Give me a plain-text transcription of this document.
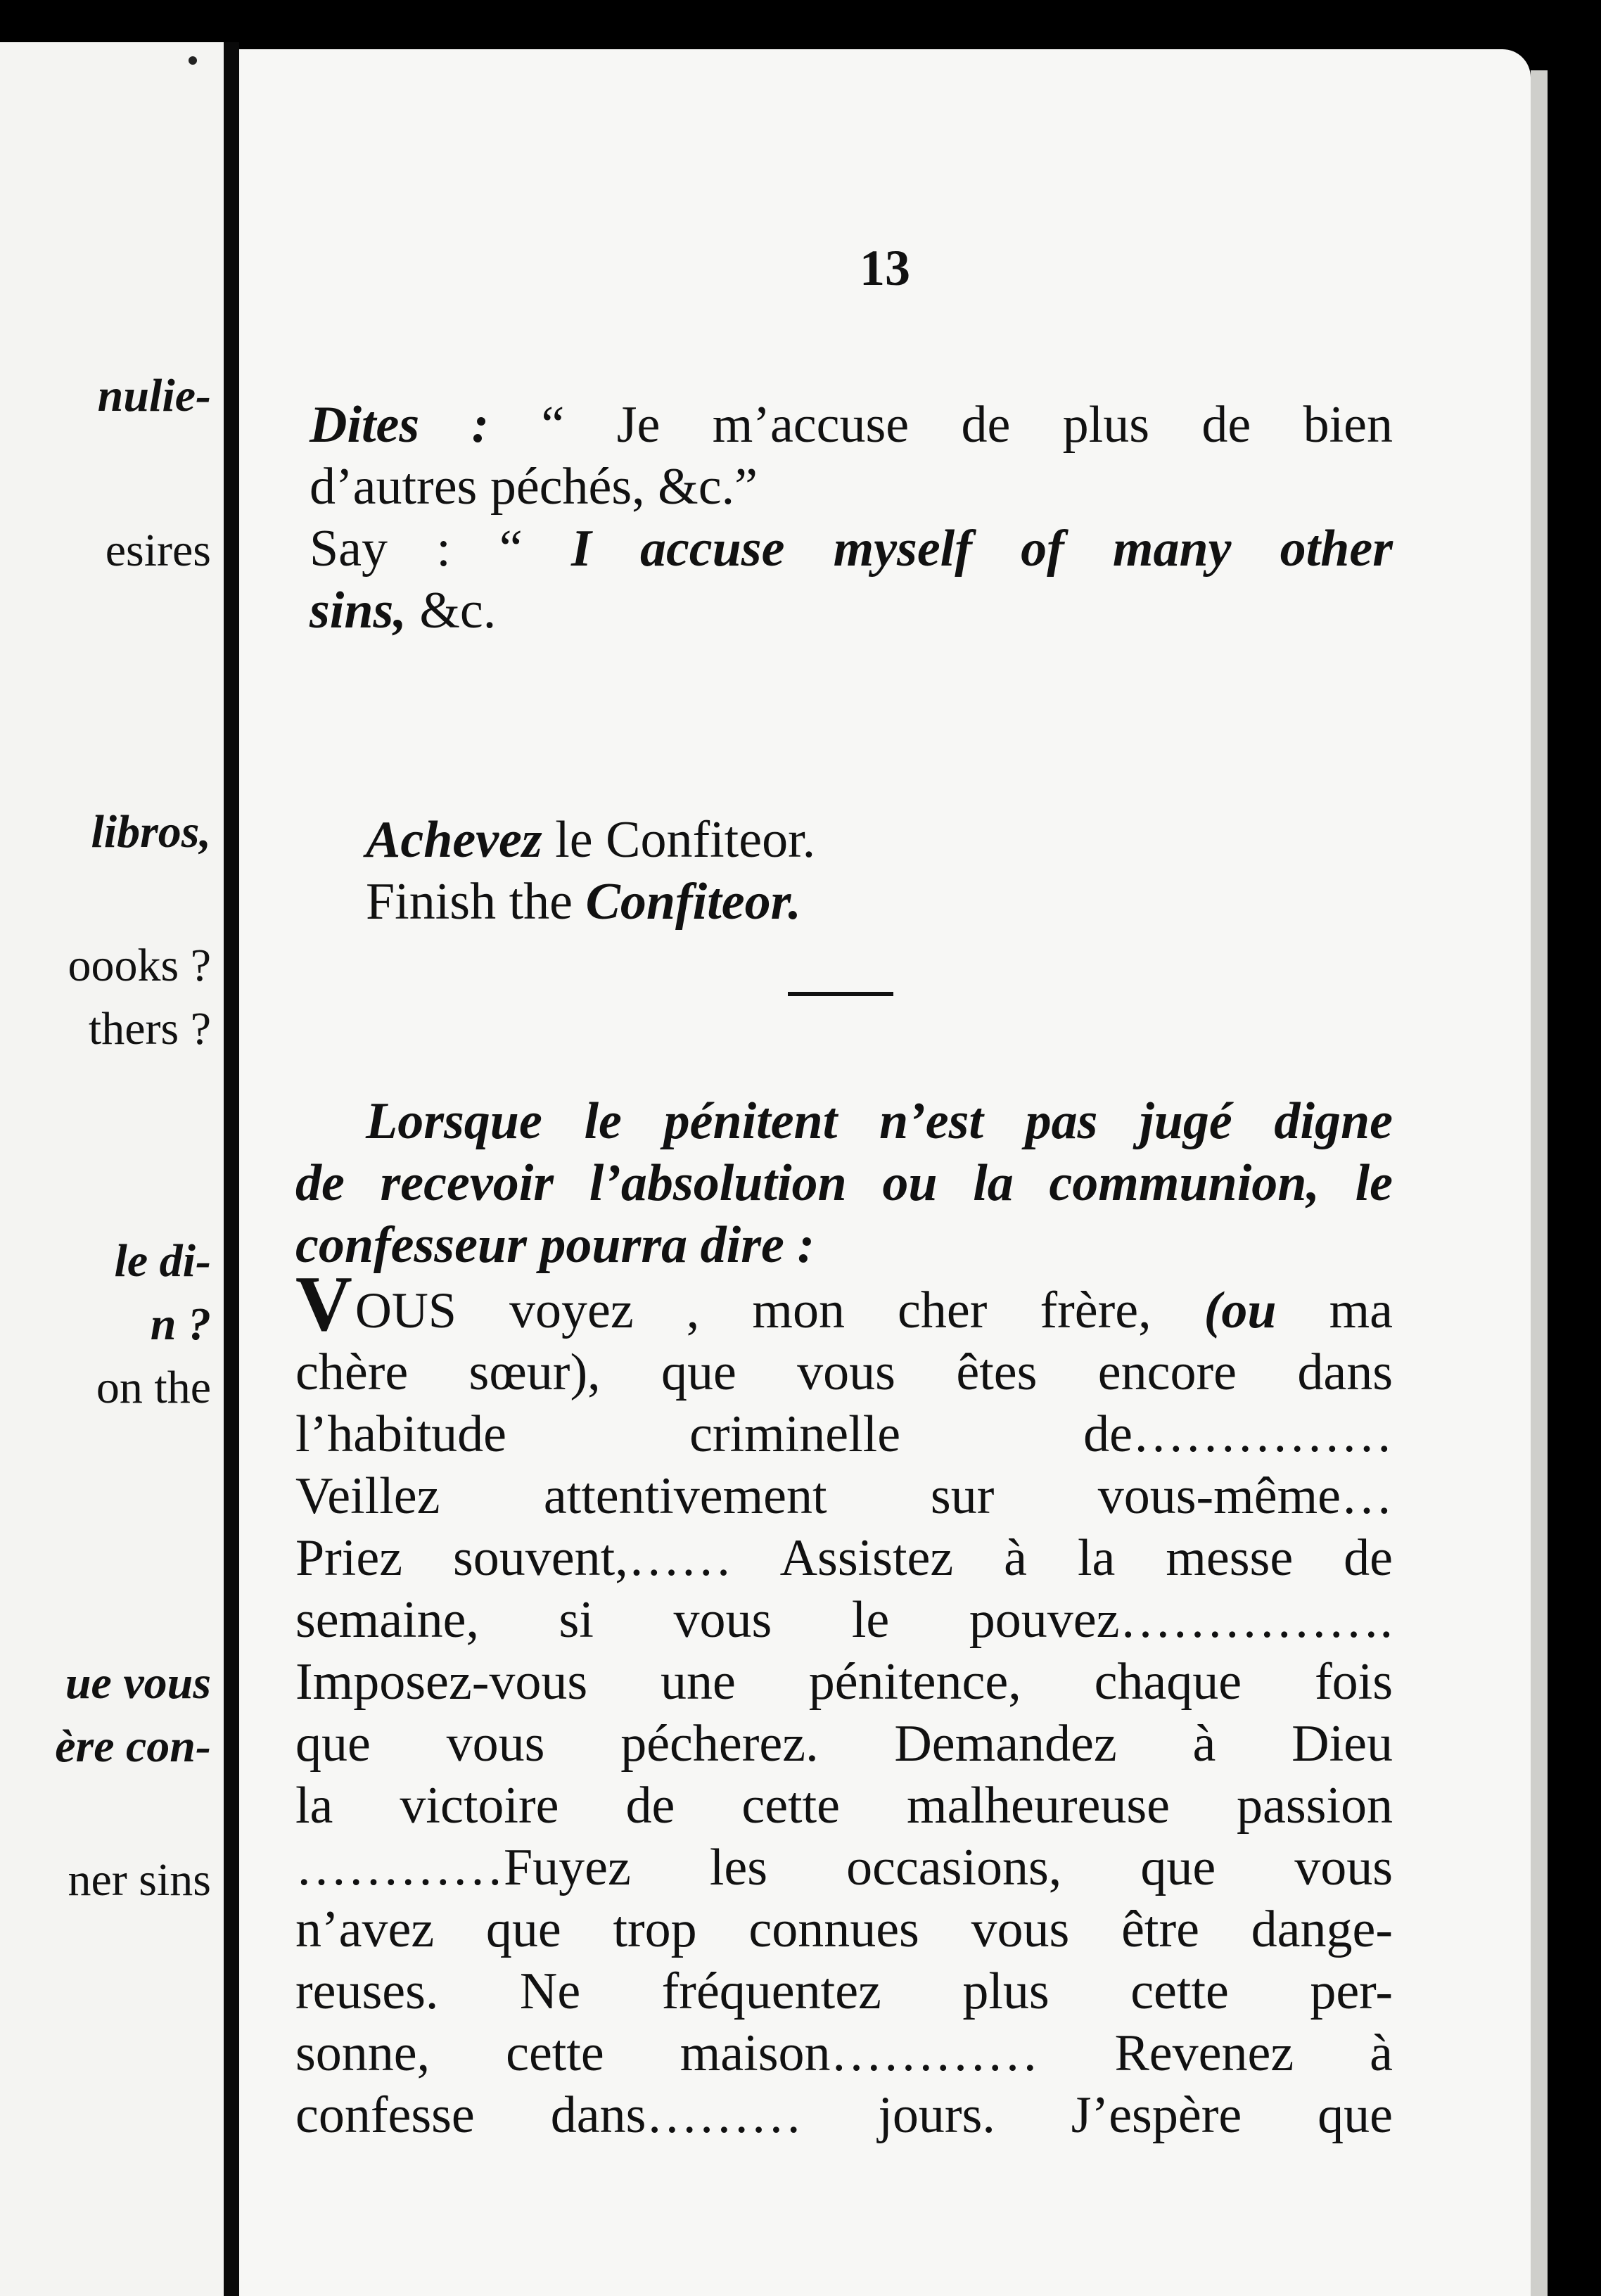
nulie-
esires
libros,
oooks ?
thers ?
le di-
n ?
on the
ue vous
ère con-
ner sins
13
Dites : “ Je m’accuse de plus de bien
d’autres péchés, &c.”
Say : “ I accuse myself of many other
sins, &c.
Achevez le Confiteor.
Finish the Confiteor.
Lorsque le pénitent n’est pas jugé digne
de recevoir l’absolution ou la communion, le
confesseur pourra dire :
VOUS voyez , mon cher frère, (ou ma
chère sœur), que vous êtes encore dans
l’habitude criminelle de……………
Veillez attentivement sur vous-même…
Priez souvent,…… Assistez à la messe de
semaine, si vous le pouvez…………….
Imposez-vous une pénitence, chaque fois
que vous pécherez. Demandez à Dieu
la victoire de cette malheureuse passion
…………Fuyez les occasions, que vous
n’avez que trop connues vous être dange-
reuses. Ne fréquentez plus cette per-
sonne, cette maison………… Revenez à
confesse dans……… jours. J’espère que
